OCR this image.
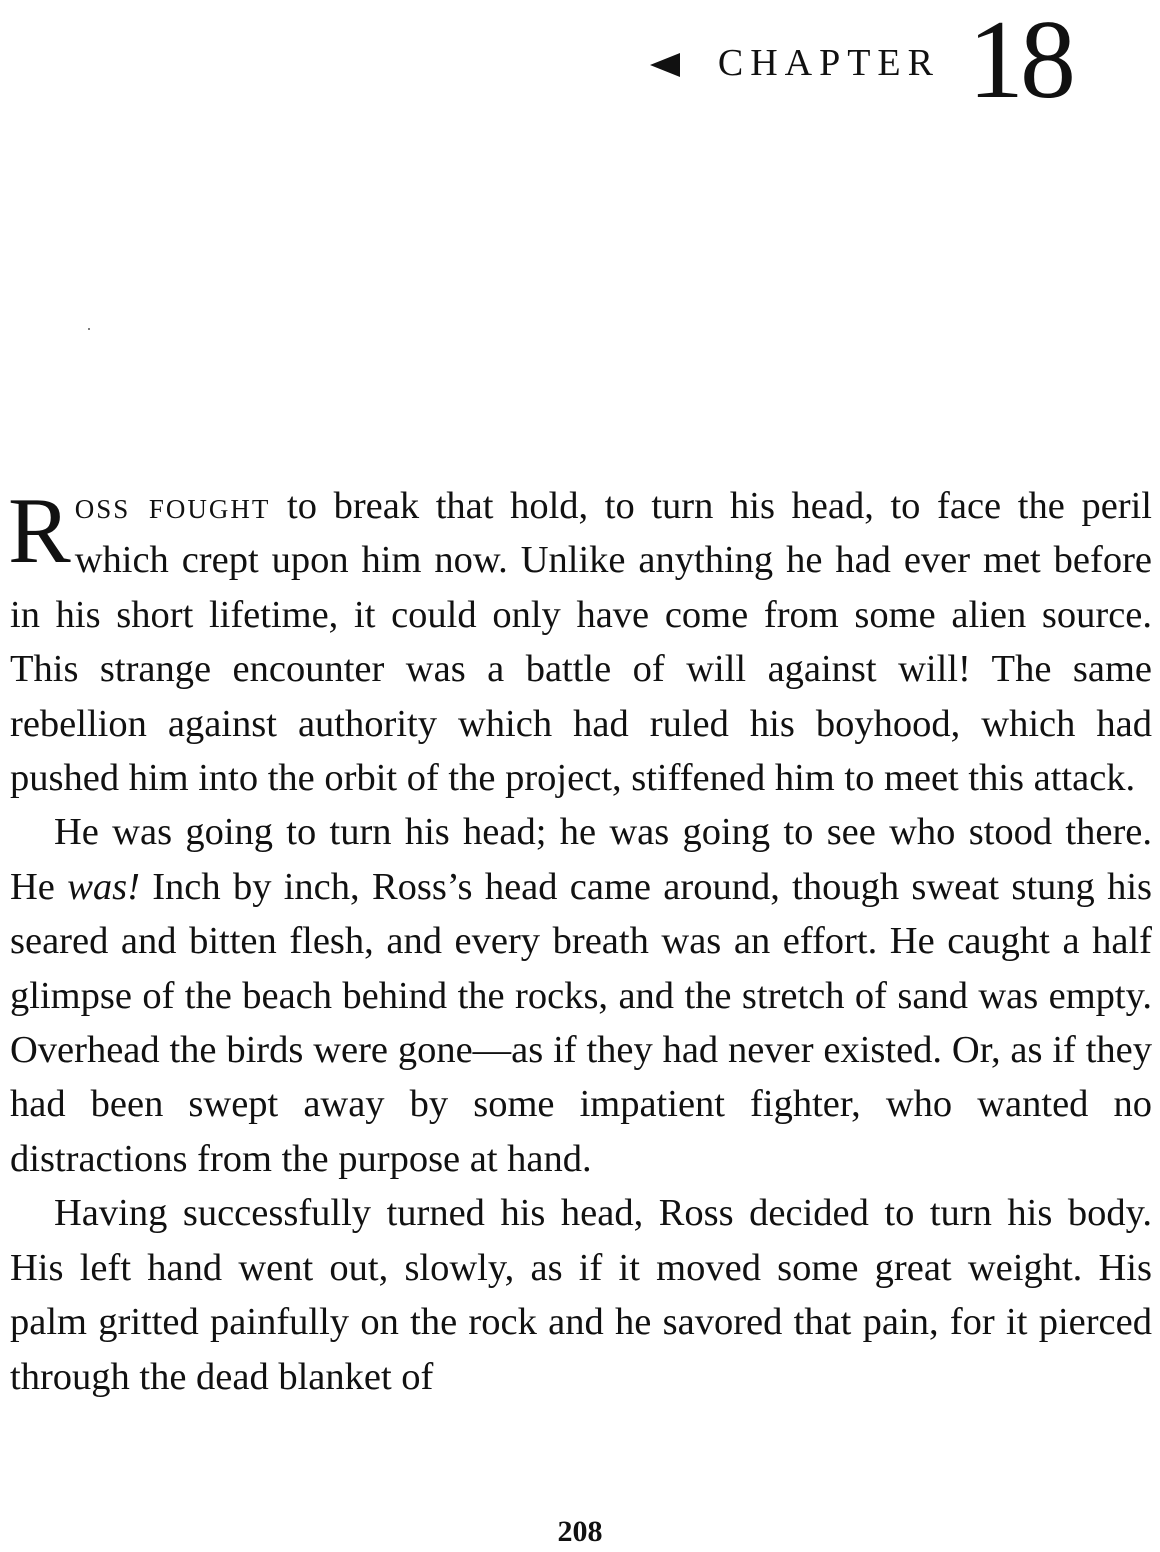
CHAPTER 18

Ross fought to break that hold, to turn his head, to face the peril which crept upon him now. Unlike anything he had ever met before in his short lifetime, it could only have come from some alien source. This strange encounter was a battle of will against will! The same rebellion against authority which had ruled his boyhood, which had pushed him into the orbit of the project, stiffened him to meet this attack.

He was going to turn his head; he was going to see who stood there. He was! Inch by inch, Ross’s head came around, though sweat stung his seared and bitten flesh, and every breath was an effort. He caught a half glimpse of the beach behind the rocks, and the stretch of sand was empty. Overhead the birds were gone—as if they had never existed. Or, as if they had been swept away by some impatient fighter, who wanted no distractions from the purpose at hand.

Having successfully turned his head, Ross decided to turn his body. His left hand went out, slowly, as if it moved some great weight. His palm gritted painfully on the rock and he savored that pain, for it pierced through the dead blanket of

208
